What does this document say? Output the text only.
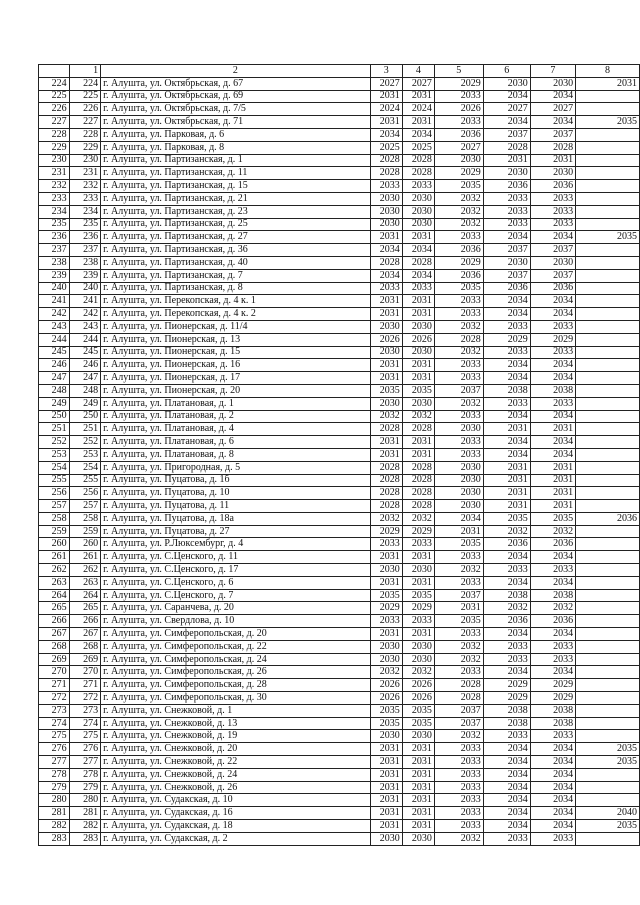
	1	2	3	4	5	6	7	8
224	224	г. Алушта, ул. Октябрьская, д. 67	2027	2027	2029	2030	2030	2031
225	225	г. Алушта, ул. Октябрьская, д. 69	2031	2031	2033	2034	2034	
226	226	г. Алушта, ул. Октябрьская, д. 7/5	2024	2024	2026	2027	2027	
227	227	г. Алушта, ул. Октябрьская, д. 71	2031	2031	2033	2034	2034	2035
228	228	г. Алушта, ул. Парковая, д. 6	2034	2034	2036	2037	2037	
229	229	г. Алушта, ул. Парковая, д. 8	2025	2025	2027	2028	2028	
230	230	г. Алушта, ул. Партизанская, д. 1	2028	2028	2030	2031	2031	
231	231	г. Алушта, ул. Партизанская, д. 11	2028	2028	2029	2030	2030	
232	232	г. Алушта, ул. Партизанская, д. 15	2033	2033	2035	2036	2036	
233	233	г. Алушта, ул. Партизанская, д. 21	2030	2030	2032	2033	2033	
234	234	г. Алушта, ул. Партизанская, д. 23	2030	2030	2032	2033	2033	
235	235	г. Алушта, ул. Партизанская, д. 25	2030	2030	2032	2033	2033	
236	236	г. Алушта, ул. Партизанская, д. 27	2031	2031	2033	2034	2034	2035
237	237	г. Алушта, ул. Партизанская, д. 36	2034	2034	2036	2037	2037	
238	238	г. Алушта, ул. Партизанская, д. 40	2028	2028	2029	2030	2030	
239	239	г. Алушта, ул. Партизанская, д. 7	2034	2034	2036	2037	2037	
240	240	г. Алушта, ул. Партизанская, д. 8	2033	2033	2035	2036	2036	
241	241	г. Алушта, ул. Перекопская, д. 4 к. 1	2031	2031	2033	2034	2034	
242	242	г. Алушта, ул. Перекопская, д. 4 к. 2	2031	2031	2033	2034	2034	
243	243	г. Алушта, ул. Пионерская, д. 11/4	2030	2030	2032	2033	2033	
244	244	г. Алушта, ул. Пионерская, д. 13	2026	2026	2028	2029	2029	
245	245	г. Алушта, ул. Пионерская, д. 15	2030	2030	2032	2033	2033	
246	246	г. Алушта, ул. Пионерская, д. 16	2031	2031	2033	2034	2034	
247	247	г. Алушта, ул. Пионерская, д. 17	2031	2031	2033	2034	2034	
248	248	г. Алушта, ул. Пионерская, д. 20	2035	2035	2037	2038	2038	
249	249	г. Алушта, ул. Платановая, д. 1	2030	2030	2032	2033	2033	
250	250	г. Алушта, ул. Платановая, д. 2	2032	2032	2033	2034	2034	
251	251	г. Алушта, ул. Платановая, д. 4	2028	2028	2030	2031	2031	
252	252	г. Алушта, ул. Платановая, д. 6	2031	2031	2033	2034	2034	
253	253	г. Алушта, ул. Платановая, д. 8	2031	2031	2033	2034	2034	
254	254	г. Алушта, ул. Пригородная, д. 5	2028	2028	2030	2031	2031	
255	255	г. Алушта, ул. Пуцатова, д. 1б	2028	2028	2030	2031	2031	
256	256	г. Алушта, ул. Пуцатова, д. 10	2028	2028	2030	2031	2031	
257	257	г. Алушта, ул. Пуцатова, д. 11	2028	2028	2030	2031	2031	
258	258	г. Алушта, ул. Пуцатова, д. 18а	2032	2032	2034	2035	2035	2036
259	259	г. Алушта, ул. Пуцатова, д. 27	2029	2029	2031	2032	2032	
260	260	г. Алушта, ул. Р.Люксембург, д. 4	2033	2033	2035	2036	2036	
261	261	г. Алушта, ул. С.Ценского, д. 11	2031	2031	2033	2034	2034	
262	262	г. Алушта, ул. С.Ценского, д. 17	2030	2030	2032	2033	2033	
263	263	г. Алушта, ул. С.Ценского, д. 6	2031	2031	2033	2034	2034	
264	264	г. Алушта, ул. С.Ценского, д. 7	2035	2035	2037	2038	2038	
265	265	г. Алушта, ул. Саранчева, д. 20	2029	2029	2031	2032	2032	
266	266	г. Алушта, ул. Свердлова, д. 10	2033	2033	2035	2036	2036	
267	267	г. Алушта, ул. Симферопольская, д. 20	2031	2031	2033	2034	2034	
268	268	г. Алушта, ул. Симферопольская, д. 22	2030	2030	2032	2033	2033	
269	269	г. Алушта, ул. Симферопольская, д. 24	2030	2030	2032	2033	2033	
270	270	г. Алушта, ул. Симферопольская, д. 26	2032	2032	2033	2034	2034	
271	271	г. Алушта, ул. Симферопольская, д. 28	2026	2026	2028	2029	2029	
272	272	г. Алушта, ул. Симферопольская, д. 30	2026	2026	2028	2029	2029	
273	273	г. Алушта, ул. Снежковой, д. 1	2035	2035	2037	2038	2038	
274	274	г. Алушта, ул. Снежковой, д. 13	2035	2035	2037	2038	2038	
275	275	г. Алушта, ул. Снежковой, д. 19	2030	2030	2032	2033	2033	
276	276	г. Алушта, ул. Снежковой, д. 20	2031	2031	2033	2034	2034	2035
277	277	г. Алушта, ул. Снежковой, д. 22	2031	2031	2033	2034	2034	2035
278	278	г. Алушта, ул. Снежковой, д. 24	2031	2031	2033	2034	2034	
279	279	г. Алушта, ул. Снежковой, д. 26	2031	2031	2033	2034	2034	
280	280	г. Алушта, ул. Судакская, д. 10	2031	2031	2033	2034	2034	
281	281	г. Алушта, ул. Судакская, д. 16	2031	2031	2033	2034	2034	2040
282	282	г. Алушта, ул. Судакская, д. 18	2031	2031	2033	2034	2034	2035
283	283	г. Алушта, ул. Судакская, д. 2	2030	2030	2032	2033	2033	
